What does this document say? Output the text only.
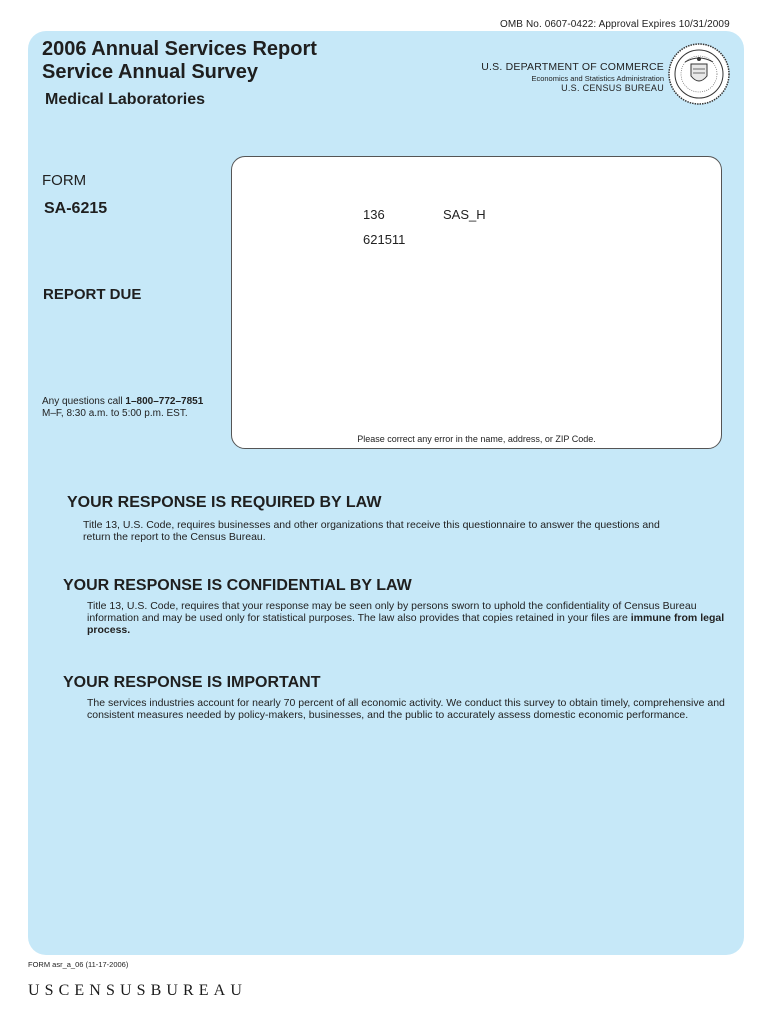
OMB No. 0607-0422: Approval Expires 10/31/2009
2006 Annual Services Report
Service Annual Survey
Medical Laboratories
U.S. DEPARTMENT OF COMMERCE
Economics and Statistics Administration
U.S. CENSUS BUREAU
FORM
SA-6215
REPORT DUE
Any questions call 1–800–772–7851
M–F, 8:30 a.m. to 5:00 p.m. EST.
136	SAS_H
621511
Please correct any error in the name, address, or ZIP Code.
YOUR RESPONSE IS REQUIRED BY LAW
Title 13, U.S. Code, requires businesses and other organizations that receive this questionnaire to answer the questions and return the report to the Census Bureau.
YOUR RESPONSE IS CONFIDENTIAL BY LAW
Title 13, U.S. Code, requires that your response may be seen only by persons sworn to uphold the confidentiality of Census Bureau information and may be used only for statistical purposes. The law also provides that copies retained in your files are immune from legal process.
YOUR RESPONSE IS IMPORTANT
The services industries account for nearly 70 percent of all economic activity. We conduct this survey to obtain timely, comprehensive and consistent measures needed by policy-makers, businesses, and the public to accurately assess domestic economic performance.
FORM asr_a_06 (11-17-2006)
USCENSUSBUREAU
